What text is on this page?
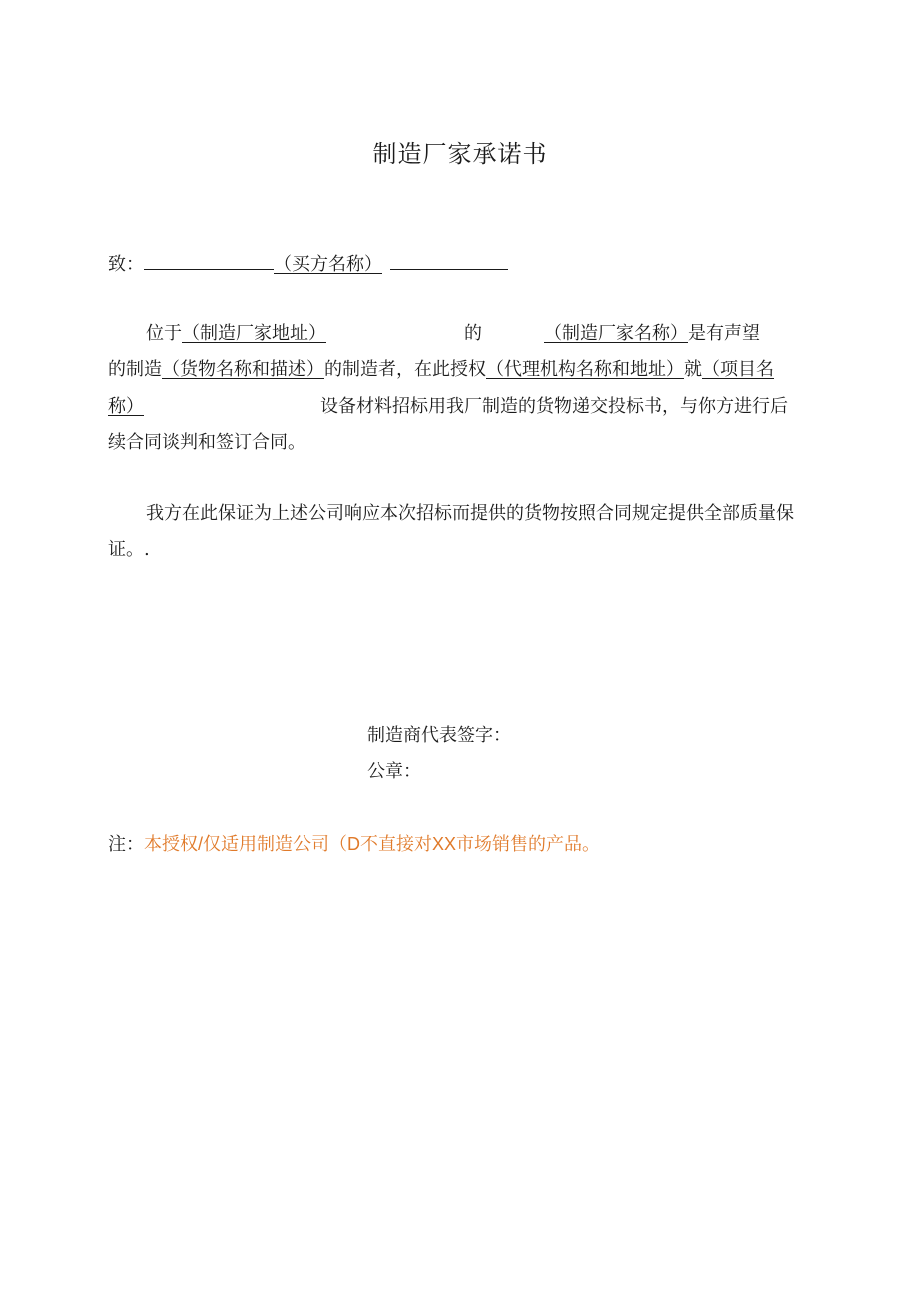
制造厂家承诺书
致：	（买方名称）
位于（制造厂家地址）	的	（制造厂家名称）是有声望
的制造（货物名称和描述）的制造者，在此授权（代理机构名称和地址）就（项目名
称）	设备材料招标用我厂制造的货物递交投标书，与你方进行后
续合同谈判和签订合同。
我方在此保证为上述公司响应本次招标而提供的货物按照合同规定提供全部质量保
证。.
制造商代表签字：
公章：
注：本授权/仅适用制造公司（D不直接对XX市场销售的产品。
